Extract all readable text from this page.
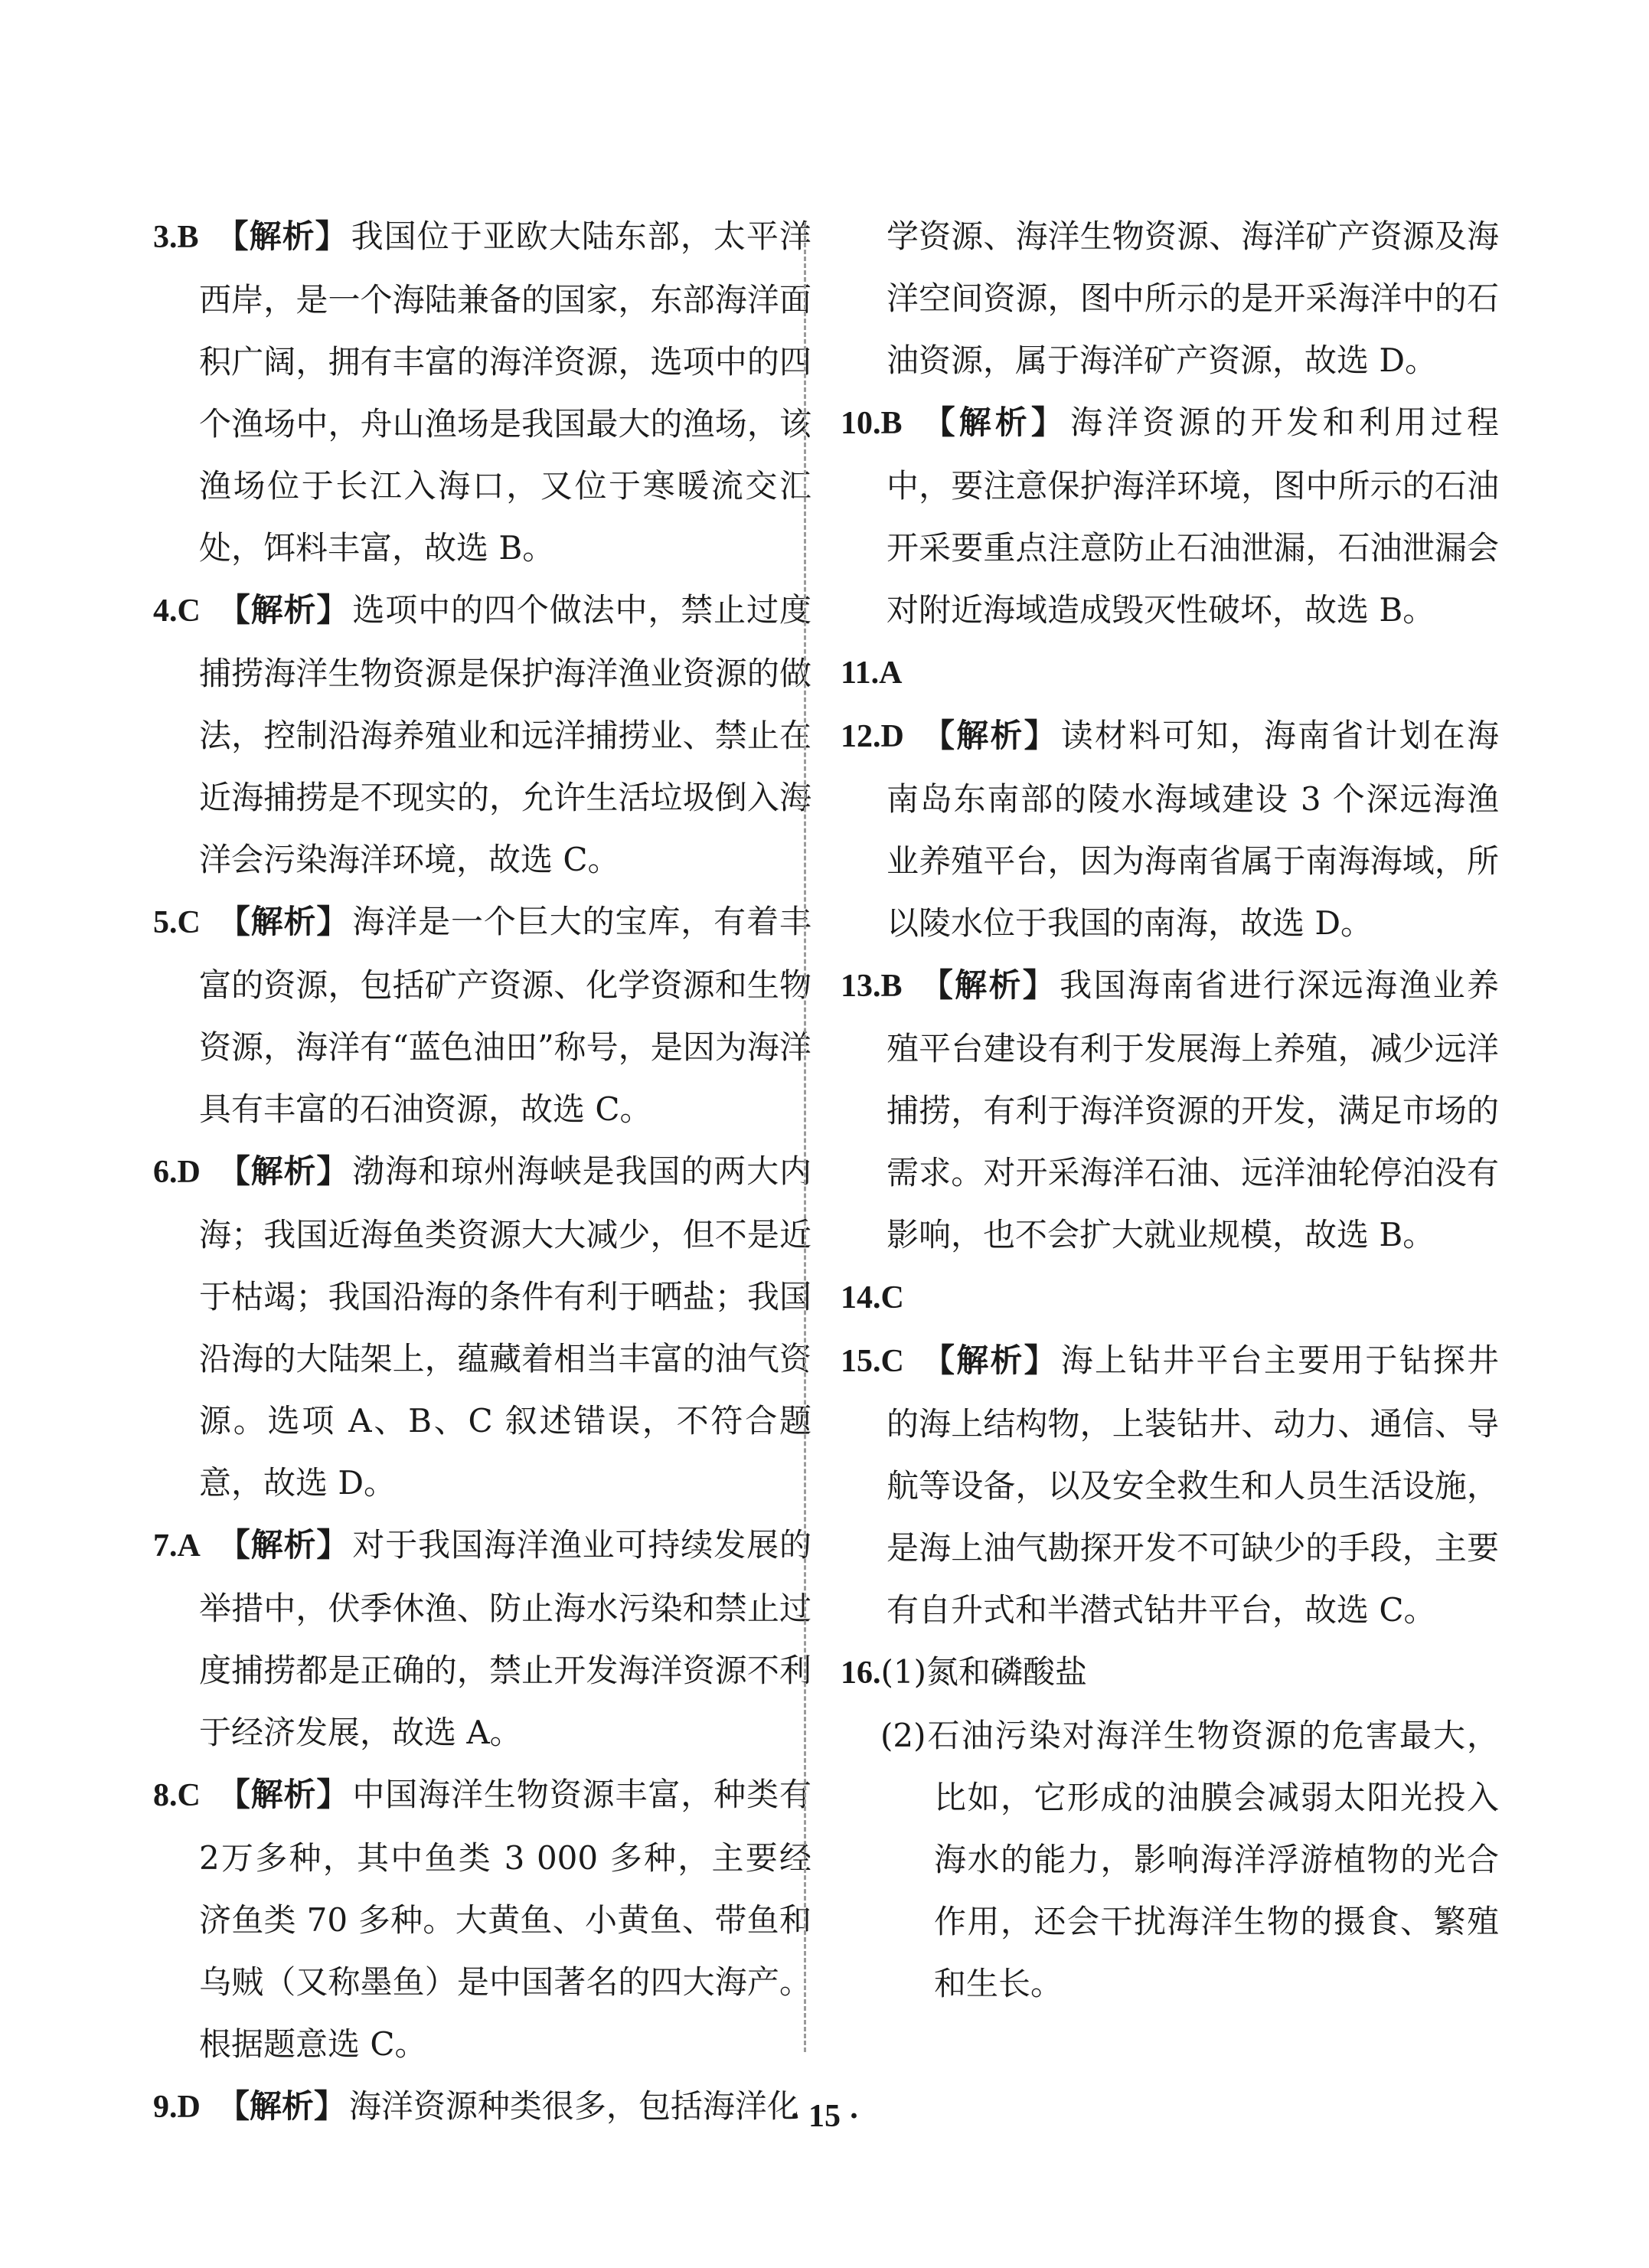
3.B 【解析】我国位于亚欧大陆东部，太平洋西岸，是一个海陆兼备的国家，东部海洋面积广阔，拥有丰富的海洋资源，选项中的四个渔场中，舟山渔场是我国最大的渔场，该渔场位于长江入海口，又位于寒暖流交汇处，饵料丰富，故选 B。

4.C 【解析】选项中的四个做法中，禁止过度捕捞海洋生物资源是保护海洋渔业资源的做法，控制沿海养殖业和远洋捕捞业、禁止在近海捕捞是不现实的，允许生活垃圾倒入海洋会污染海洋环境，故选 C。

5.C 【解析】海洋是一个巨大的宝库，有着丰富的资源，包括矿产资源、化学资源和生物资源，海洋有“蓝色油田”称号，是因为海洋具有丰富的石油资源，故选 C。

6.D 【解析】渤海和琼州海峡是我国的两大内海；我国近海鱼类资源大大减少，但不是近于枯竭；我国沿海的条件有利于晒盐；我国沿海的大陆架上，蕴藏着相当丰富的油气资源。选项 A、B、C 叙述错误，不符合题意，故选 D。

7.A 【解析】对于我国海洋渔业可持续发展的举措中，伏季休渔、防止海水污染和禁止过度捕捞都是正确的，禁止开发海洋资源不利于经济发展，故选 A。

8.C 【解析】中国海洋生物资源丰富，种类有2万多种，其中鱼类 3 000 多种，主要经济鱼类 70 多种。大黄鱼、小黄鱼、带鱼和乌贼（又称墨鱼）是中国著名的四大海产。根据题意选 C。

9.D 【解析】海洋资源种类很多，包括海洋化

学资源、海洋生物资源、海洋矿产资源及海洋空间资源，图中所示的是开采海洋中的石油资源，属于海洋矿产资源，故选 D。

10.B 【解析】海洋资源的开发和利用过程中，要注意保护海洋环境，图中所示的石油开采要重点注意防止石油泄漏，石油泄漏会对附近海域造成毁灭性破坏，故选 B。

11.A

12.D 【解析】读材料可知，海南省计划在海南岛东南部的陵水海域建设 3 个深远海渔业养殖平台，因为海南省属于南海海域，所以陵水位于我国的南海，故选 D。

13.B 【解析】我国海南省进行深远海渔业养殖平台建设有利于发展海上养殖，减少远洋捕捞，有利于海洋资源的开发，满足市场的需求。对开采海洋石油、远洋油轮停泊没有影响，也不会扩大就业规模，故选 B。

14.C

15.C 【解析】海上钻井平台主要用于钻探井的海上结构物，上装钻井、动力、通信、导航等设备，以及安全救生和人员生活设施，是海上油气勘探开发不可缺少的手段，主要有自升式和半潜式钻井平台，故选 C。

16.(1)氮和磷酸盐

(2)石油污染对海洋生物资源的危害最大，比如，它形成的油膜会减弱太阳光投入海水的能力，影响海洋浮游植物的光合作用，还会干扰海洋生物的摄食、繁殖和生长。

· 15 ·
